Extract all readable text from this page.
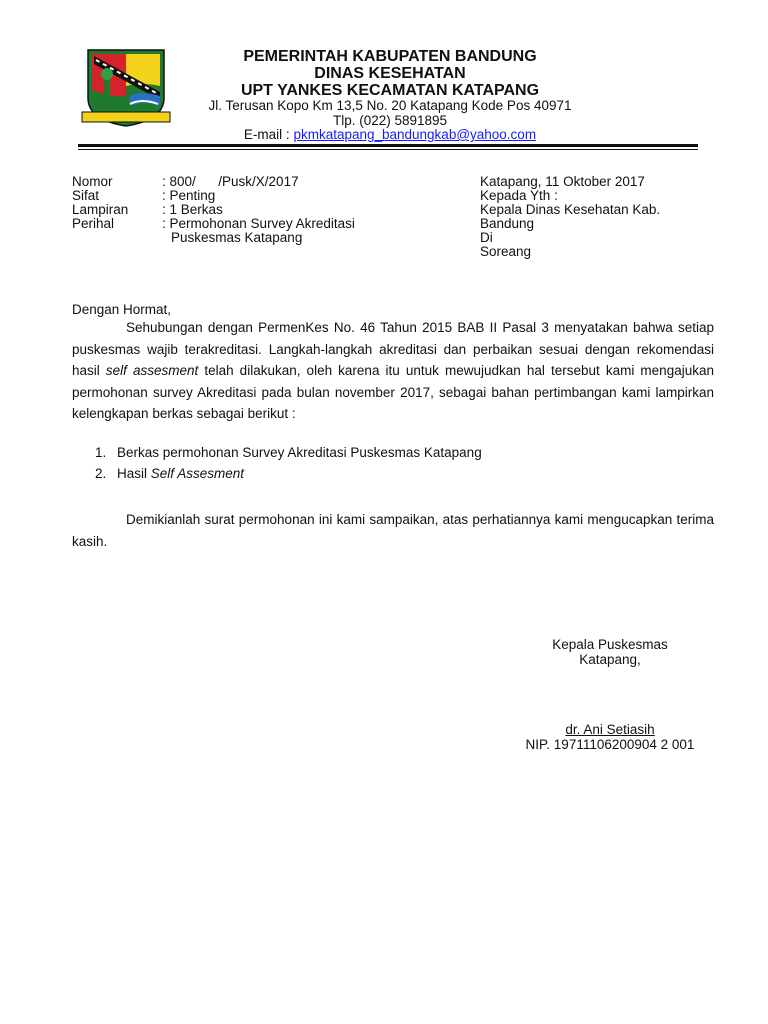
PEMERINTAH KABUPATEN BANDUNG
DINAS KESEHATAN
UPT YANKES KECAMATAN KATAPANG
Jl. Terusan Kopo Km 13,5 No. 20 Katapang Kode Pos 40971
Tlp. (022) 5891895
E-mail : pkmkatapang_bandungkab@yahoo.com
Nomor	: 800/      /Pusk/X/2017
Sifat	: Penting
Lampiran	: 1 Berkas
Perihal	: Permohonan Survey Akreditasi
Puskesmas Katapang
Katapang, 11 Oktober 2017
Kepada Yth :
Kepala Dinas Kesehatan Kab.
Bandung
Di
Soreang
Dengan Hormat,
Sehubungan dengan PermenKes No. 46 Tahun 2015 BAB II Pasal 3 menyatakan bahwa setiap puskesmas wajib terakreditasi. Langkah-langkah akreditasi dan perbaikan sesuai dengan rekomendasi hasil self assesment telah dilakukan, oleh karena itu untuk mewujudkan hal tersebut kami mengajukan permohonan survey Akreditasi pada bulan november 2017, sebagai bahan pertimbangan kami lampirkan kelengkapan berkas sebagai berikut :
1. Berkas permohonan Survey Akreditasi Puskesmas Katapang
2. Hasil Self Assesment
Demikianlah surat permohonan ini kami sampaikan, atas perhatiannya kami mengucapkan terima kasih.
Kepala Puskesmas
Katapang,
dr. Ani Setiasih
NIP. 19711106200904 2 001
